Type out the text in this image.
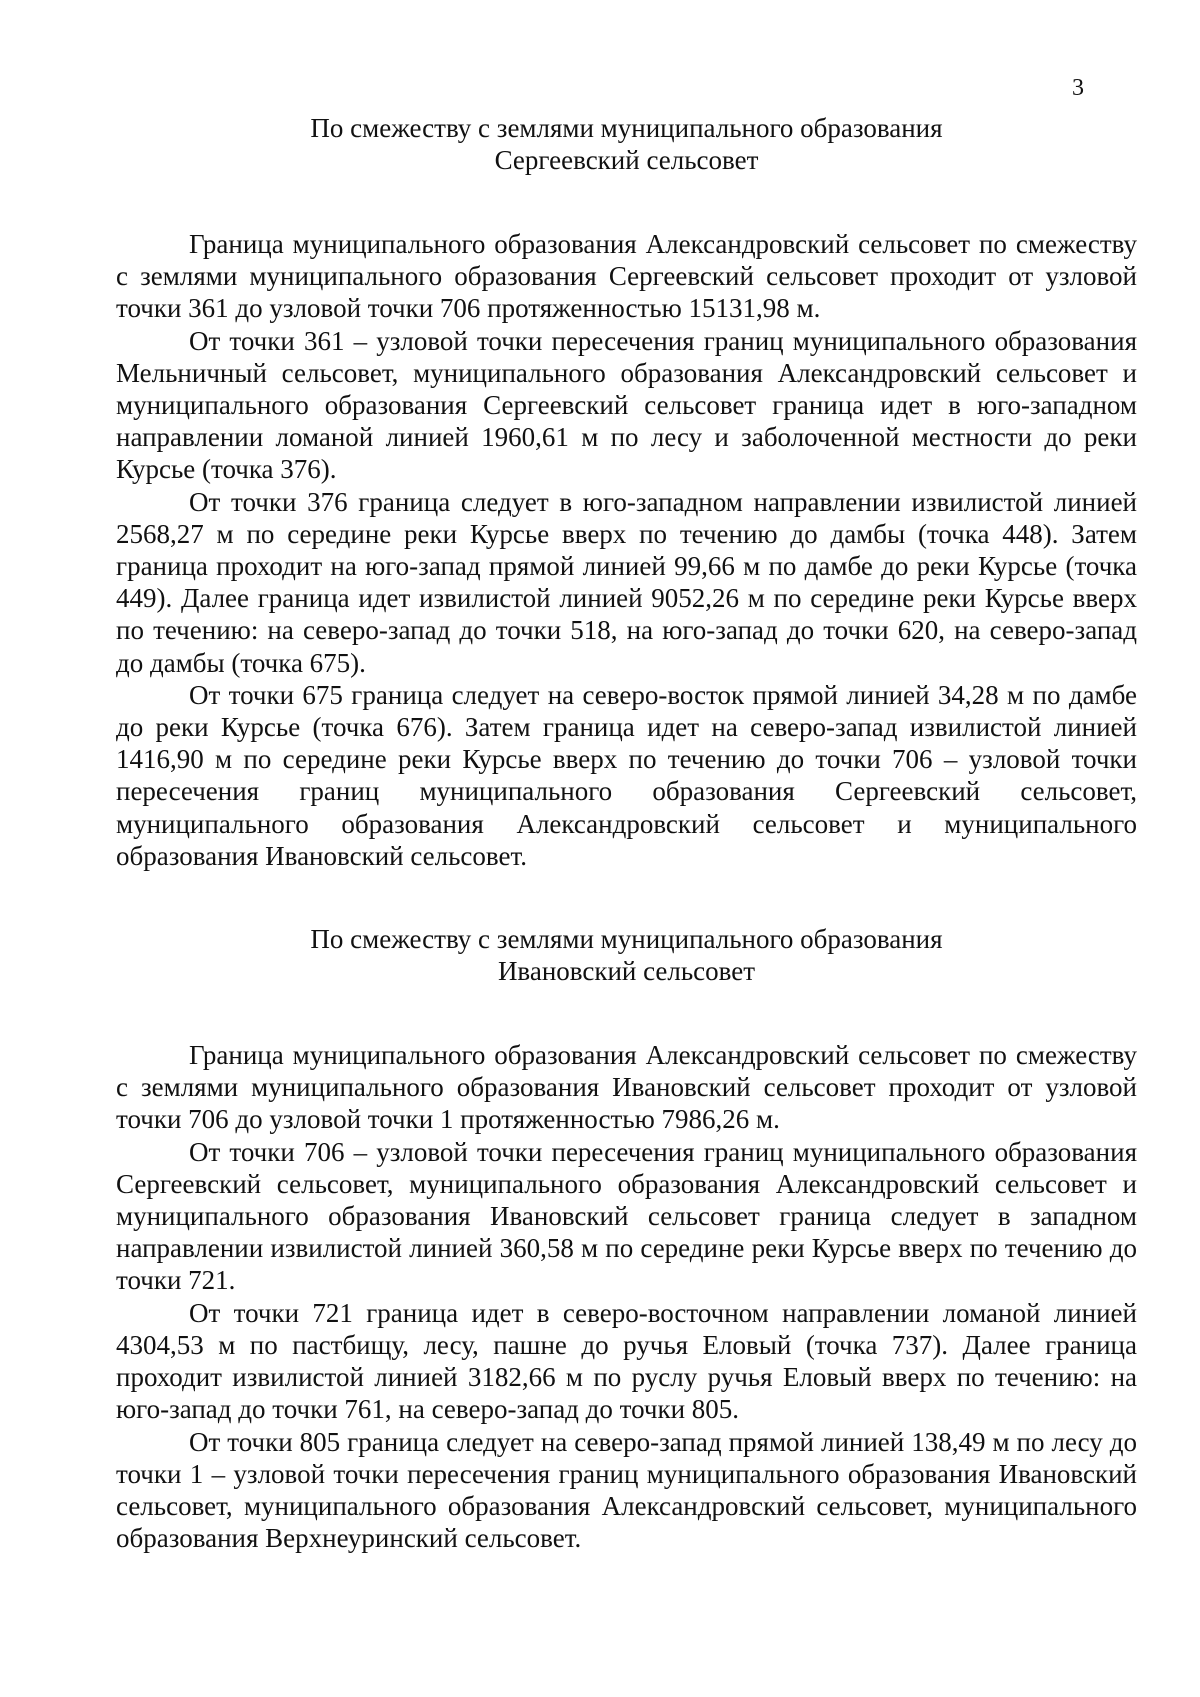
3
По смежеству с землями муниципального образования
Сергеевский сельсовет

Граница муниципального образования Александровский сельсовет по смежеству с землями муниципального образования Сергеевский сельсовет проходит от узловой точки 361 до узловой точки 706 протяженностью 15131,98 м.

От точки 361 – узловой точки пересечения границ муниципального образования Мельничный сельсовет, муниципального образования Александровский сельсовет и муниципального образования Сергеевский сельсовет граница идет в юго-западном направлении ломаной линией 1960,61 м по лесу и заболоченной местности до реки Курсье (точка 376).

От точки 376 граница следует в юго-западном направлении извилистой линией 2568,27 м по середине реки Курсье вверх по течению до дамбы (точка 448). Затем граница проходит на юго-запад прямой линией 99,66 м по дамбе до реки Курсье (точка 449). Далее граница идет извилистой линией 9052,26 м по середине реки Курсье вверх по течению: на северо-запад до точки 518, на юго-запад до точки 620, на северо-запад до дамбы (точка 675).

От точки 675 граница следует на северо-восток прямой линией 34,28 м по дамбе до реки Курсье (точка 676). Затем граница идет на северо-запад извилистой линией 1416,90 м по середине реки Курсье вверх по течению до точки 706 – узловой точки пересечения границ муниципального образования Сергеевский сельсовет, муниципального образования Александровский сельсовет и муниципального образования Ивановский сельсовет.

По смежеству с землями муниципального образования
Ивановский сельсовет

Граница муниципального образования Александровский сельсовет по смежеству с землями муниципального образования Ивановский сельсовет проходит от узловой точки 706 до узловой точки 1 протяженностью 7986,26 м.

От точки 706 – узловой точки пересечения границ муниципального образования Сергеевский сельсовет, муниципального образования Александровский сельсовет и муниципального образования Ивановский сельсовет граница следует в западном направлении извилистой линией 360,58 м по середине реки Курсье вверх по течению до точки 721.

От точки 721 граница идет в северо-восточном направлении ломаной линией 4304,53 м по пастбищу, лесу, пашне до ручья Еловый (точка 737). Далее граница проходит извилистой линией 3182,66 м по руслу ручья Еловый вверх по течению: на юго-запад до точки 761, на северо-запад до точки 805.

От точки 805 граница следует на северо-запад прямой линией 138,49 м по лесу до точки 1 – узловой точки пересечения границ муниципального образования Ивановский сельсовет, муниципального образования Александровский сельсовет, муниципального образования Верхнеуринский сельсовет.
